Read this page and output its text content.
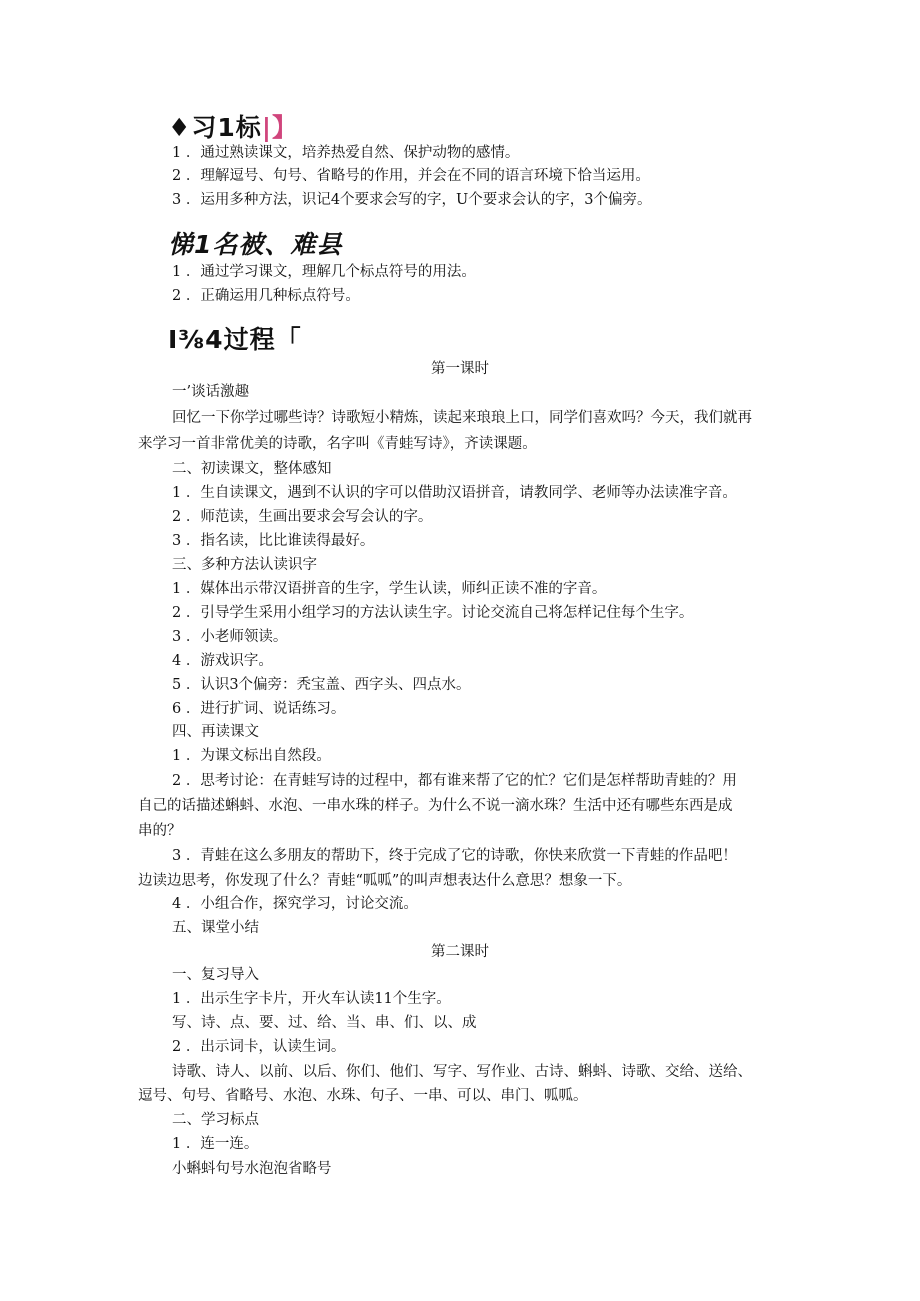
♦习1标|】
1 ．通过熟读课文，培养热爱自然、保护动物的感情。
2 ．理解逗号、句号、省略号的作用，并会在不同的语言环境下恰当运用。
3 ．运用多种方法，识记4个要求会写的字，U个要求会认的字，3个偏旁。
悌1名被、难县
1 ．通过学习课文，理解几个标点符号的用法。
2 ．正确运用几种标点符号。
I⅜4过程「
第一课时
一’谈话激趣
回忆一下你学过哪些诗？诗歌短小精炼，读起来琅琅上口，同学们喜欢吗？今天，我们就再
来学习一首非常优美的诗歌，名字叫《青蛙写诗》，齐读课题。
二、初读课文，整体感知
1 ．生自读课文，遇到不认识的字可以借助汉语拼音，请教同学、老师等办法读准字音。
2 ．师范读，生画出要求会写会认的字。
3 ．指名读，比比谁读得最好。
三、多种方法认读识字
1 ．媒体出示带汉语拼音的生字，学生认读，师纠正读不准的字音。
2 ．引导学生采用小组学习的方法认读生字。讨论交流自己将怎样记住每个生字。
3 ．小老师领读。
4 ．游戏识字。
5 ．认识3个偏旁：秃宝盖、西字头、四点水。
6 ．进行扩词、说话练习。
四、再读课文
1 ．为课文标出自然段。
2 ．思考讨论：在青蛙写诗的过程中，都有谁来帮了它的忙？它们是怎样帮助青蛙的？用
自己的话描述蝌蚪、水泡、一串水珠的样子。为什么不说一滴水珠？生活中还有哪些东西是成
串的？
3 ．青蛙在这么多朋友的帮助下，终于完成了它的诗歌，你快来欣赏一下青蛙的作品吧！
边读边思考，你发现了什么？青蛙“呱呱”的叫声想表达什么意思？想象一下。
4 ．小组合作，探究学习，讨论交流。
五、课堂小结
第二课时
一、复习导入
1 ．出示生字卡片，开火车认读11个生字。
写、诗、点、要、过、给、当、串、们、以、成
2 ．出示词卡，认读生词。
诗歌、诗人、以前、以后、你们、他们、写字、写作业、古诗、蝌蚪、诗歌、交给、送给、
逗号、句号、省略号、水泡、水珠、句子、一串、可以、串门、呱呱。
二、学习标点
1 ．连一连。
小蝌蚪句号水泡泡省略号
